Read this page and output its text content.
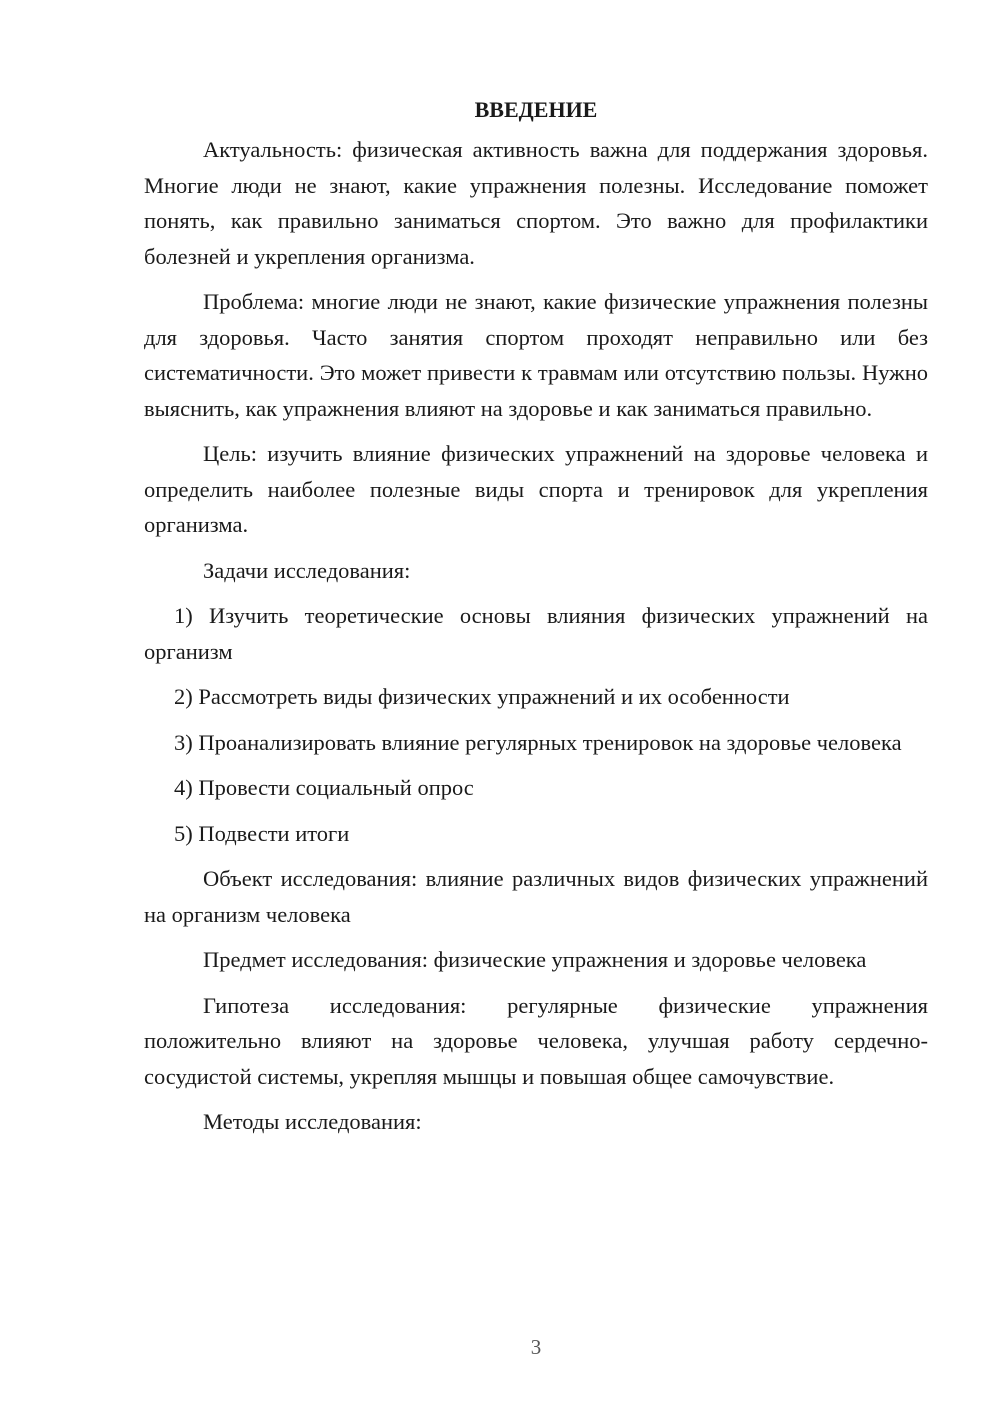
ВВЕДЕНИЕ

Актуальность: физическая активность важна для поддержания здоровья. Многие люди не знают, какие упражнения полезны. Исследование поможет понять, как правильно заниматься спортом. Это важно для профилактики болезней и укрепления организма.

Проблема: многие люди не знают, какие физические упражнения полезны для здоровья. Часто занятия спортом проходят неправильно или без систематичности. Это может привести к травмам или отсутствию пользы. Нужно выяснить, как упражнения влияют на здоровье и как заниматься правильно.

Цель: изучить влияние физических упражнений на здоровье человека и определить наиболее полезные виды спорта и тренировок для укрепления организма.

Задачи исследования:

1) Изучить теоретические основы влияния физических упражнений на организм

2) Рассмотреть виды физических упражнений и их особенности

3) Проанализировать влияние регулярных тренировок на здоровье человека

4) Провести социальный опрос

5) Подвести итоги

Объект исследования: влияние различных видов физических упражнений на организм человека

Предмет исследования: физические упражнения и здоровье человека

Гипотеза исследования: регулярные физические упражнения положительно влияют на здоровье человека, улучшая работу сердечно-сосудистой системы, укрепляя мышцы и повышая общее самочувствие.

Методы исследования:

3
